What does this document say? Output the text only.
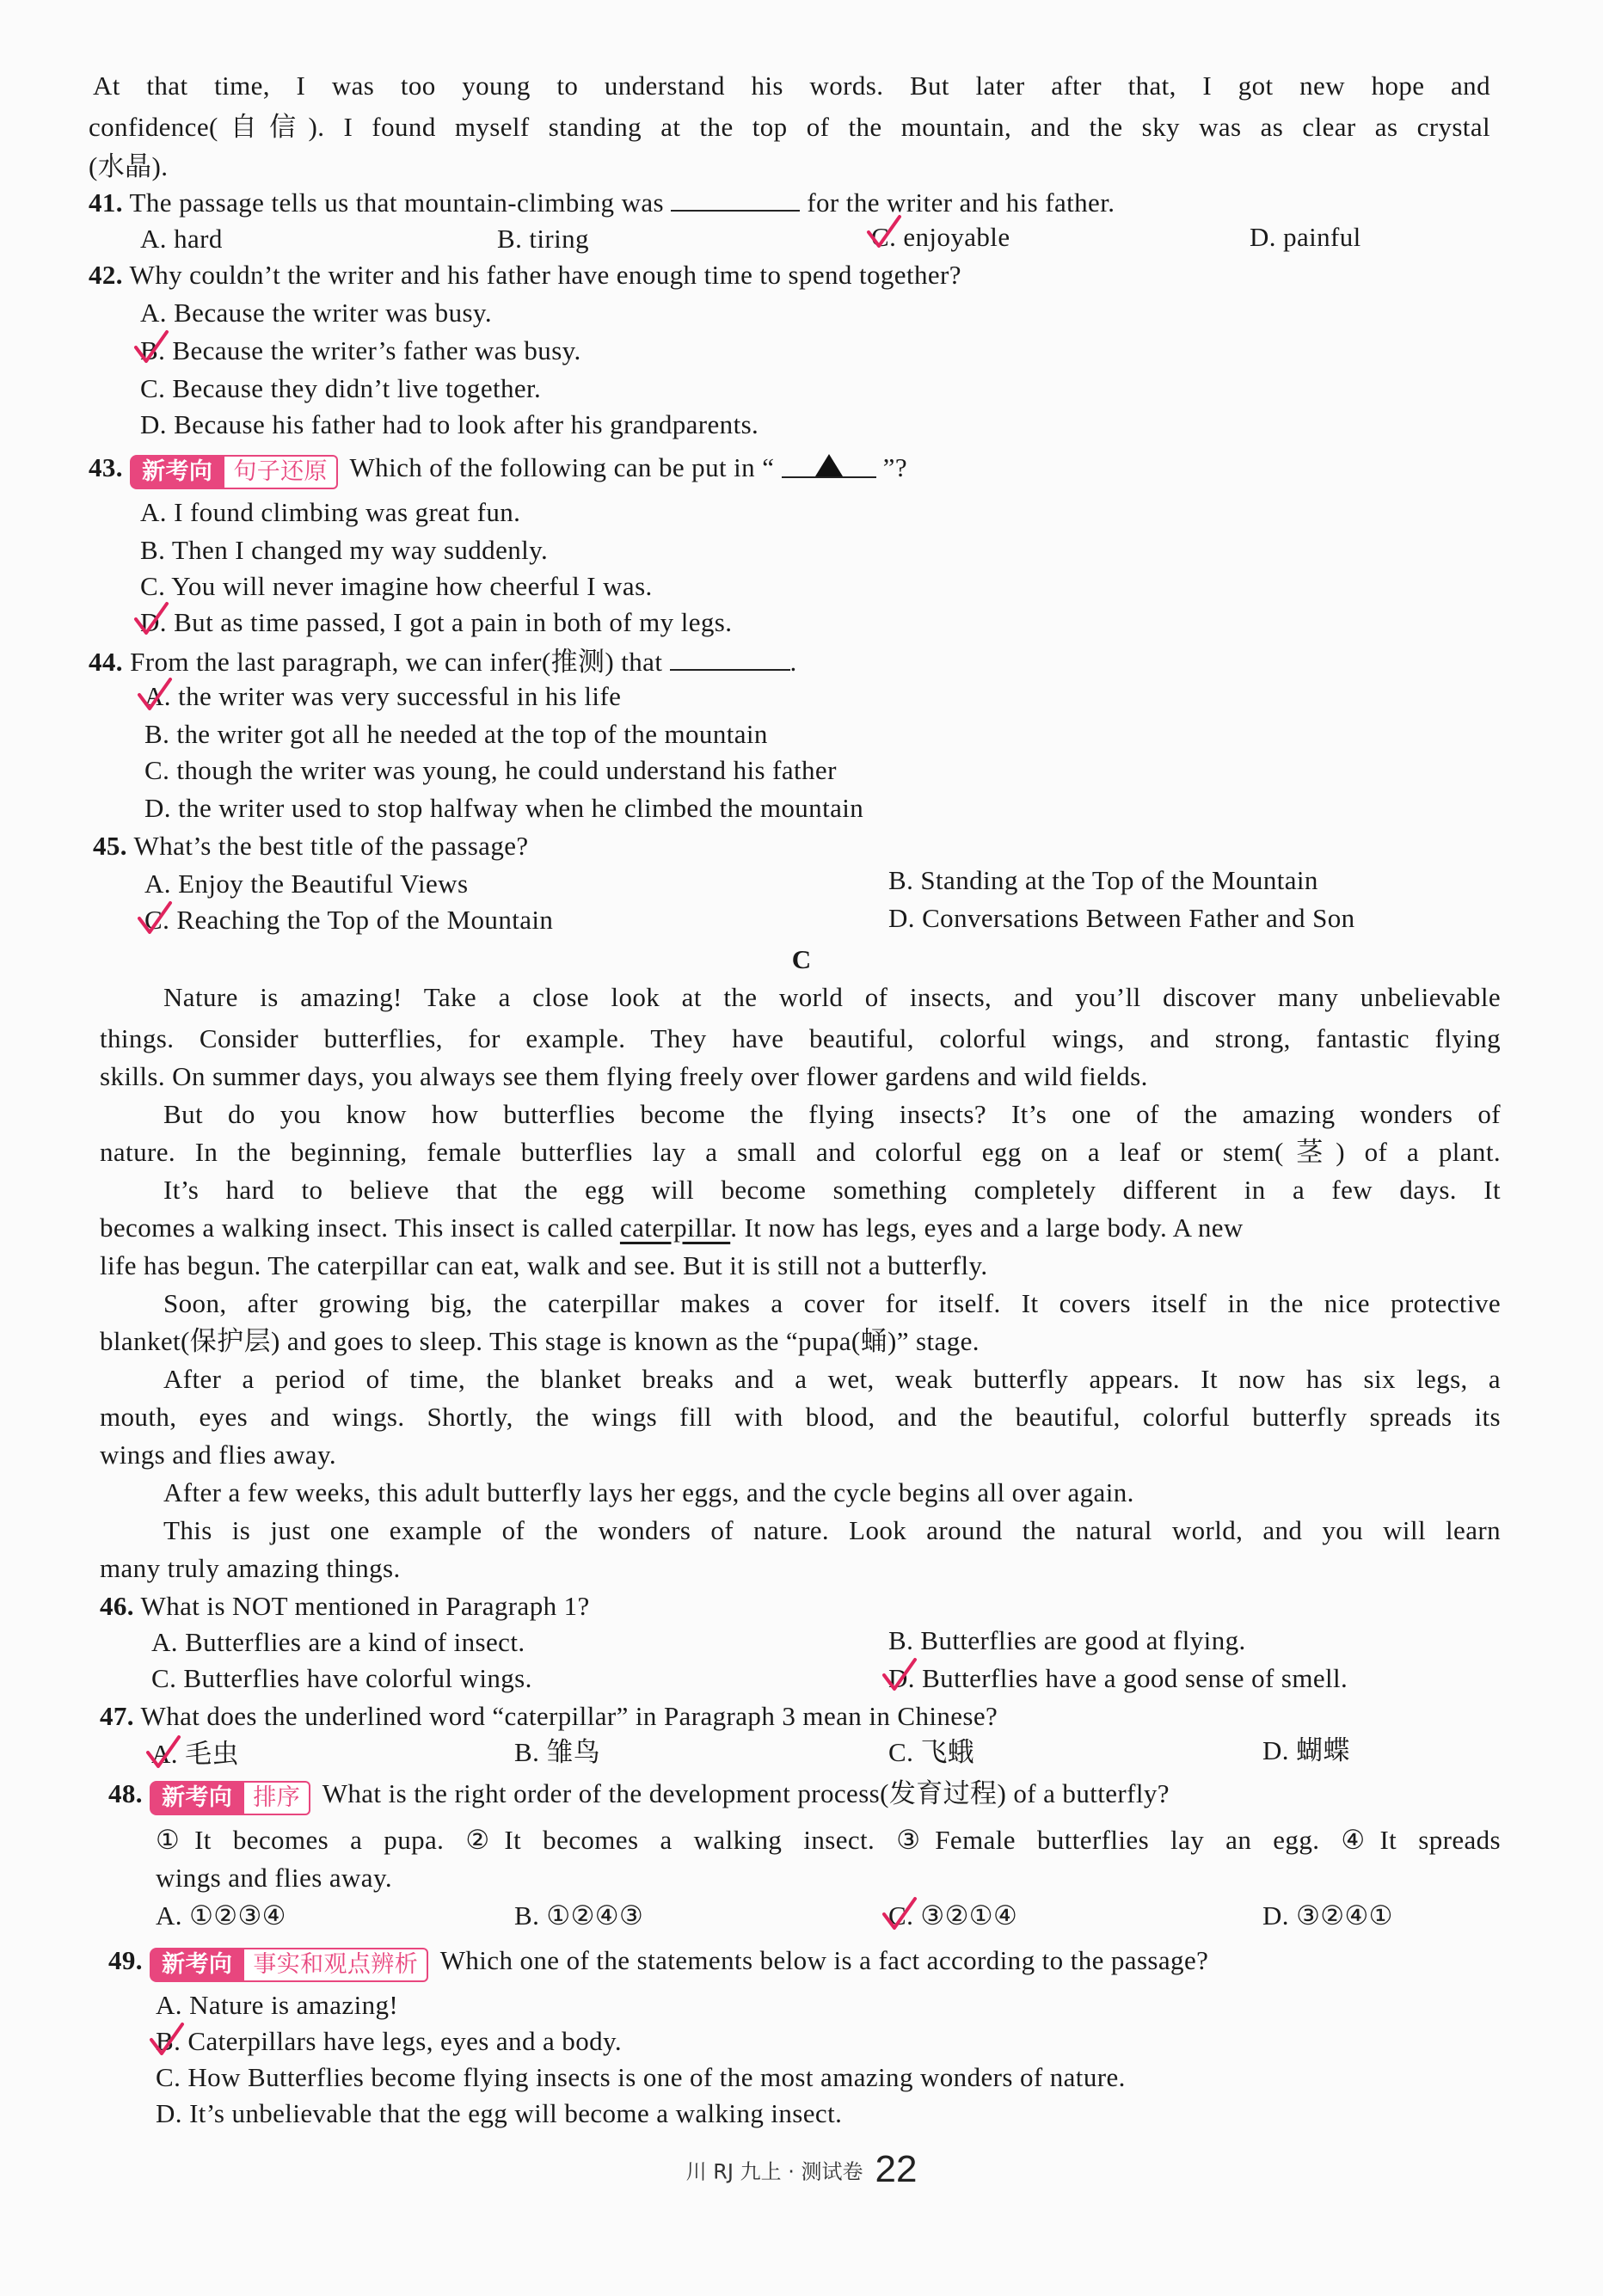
At that time, I was too young to understand his words. But later after that, I got new hope and
confidence(自信). I found myself standing at the top of the mountain, and the sky was as clear as crystal
(水晶).
41. The passage tells us that mountain-climbing was	for the writer and his father.
A. hard	B. tiring	C. enjoyable	D. painful
42. Why couldn’t the writer and his father have enough time to spend together?
A. Because the writer was busy.
B. Because the writer’s father was busy.
C. Because they didn’t live together.
D. Because his father had to look after his grandparents.
43. 新考向 句子还原 Which of the following can be put in “	”?
A. I found climbing was great fun.
B. Then I changed my way suddenly.
C. You will never imagine how cheerful I was.
D. But as time passed, I got a pain in both of my legs.
44. From the last paragraph, we can infer(推测) that	.
A. the writer was very successful in his life
B. the writer got all he needed at the top of the mountain
C. though the writer was young, he could understand his father
D. the writer used to stop halfway when he climbed the mountain
45. What’s the best title of the passage?
A. Enjoy the Beautiful Views	B. Standing at the Top of the Mountain
C. Reaching the Top of the Mountain	D. Conversations Between Father and Son
C
Nature is amazing! Take a close look at the world of insects, and you’ll discover many unbelievable
things. Consider butterflies, for example. They have beautiful, colorful wings, and strong, fantastic flying
skills. On summer days, you always see them flying freely over flower gardens and wild fields.
But do you know how butterflies become the flying insects? It’s one of the amazing wonders of
nature. In the beginning, female butterflies lay a small and colorful egg on a leaf or stem(茎) of a plant.
It’s hard to believe that the egg will become something completely different in a few days. It
becomes a walking insect. This insect is called caterpillar. It now has legs, eyes and a large body. A new
life has begun. The caterpillar can eat, walk and see. But it is still not a butterfly.
Soon, after growing big, the caterpillar makes a cover for itself. It covers itself in the nice protective
blanket(保护层) and goes to sleep. This stage is known as the “pupa(蛹)” stage.
After a period of time, the blanket breaks and a wet, weak butterfly appears. It now has six legs, a
mouth, eyes and wings. Shortly, the wings fill with blood, and the beautiful, colorful butterfly spreads its
wings and flies away.
After a few weeks, this adult butterfly lays her eggs, and the cycle begins all over again.
This is just one example of the wonders of nature. Look around the natural world, and you will learn
many truly amazing things.
46. What is NOT mentioned in Paragraph 1?
A. Butterflies are a kind of insect.	B. Butterflies are good at flying.
C. Butterflies have colorful wings.	D. Butterflies have a good sense of smell.
47. What does the underlined word “caterpillar” in Paragraph 3 mean in Chinese?
A. 毛虫	B. 雏鸟	C. 飞蛾	D. 蝴蝶
48. 新考向 排序 What is the right order of the development process(发育过程) of a butterfly?
①It becomes a pupa. ②It becomes a walking insect. ③Female butterflies lay an egg. ④It spreads
wings and flies away.
A. ①②③④	B. ①②④③	C. ③②①④	D. ③②④①
49. 新考向 事实和观点辨析 Which one of the statements below is a fact according to the passage?
A. Nature is amazing!
B. Caterpillars have legs, eyes and a body.
C. How Butterflies become flying insects is one of the most amazing wonders of nature.
D. It’s unbelievable that the egg will become a walking insect.
川 RJ 九上 · 测试卷 22
